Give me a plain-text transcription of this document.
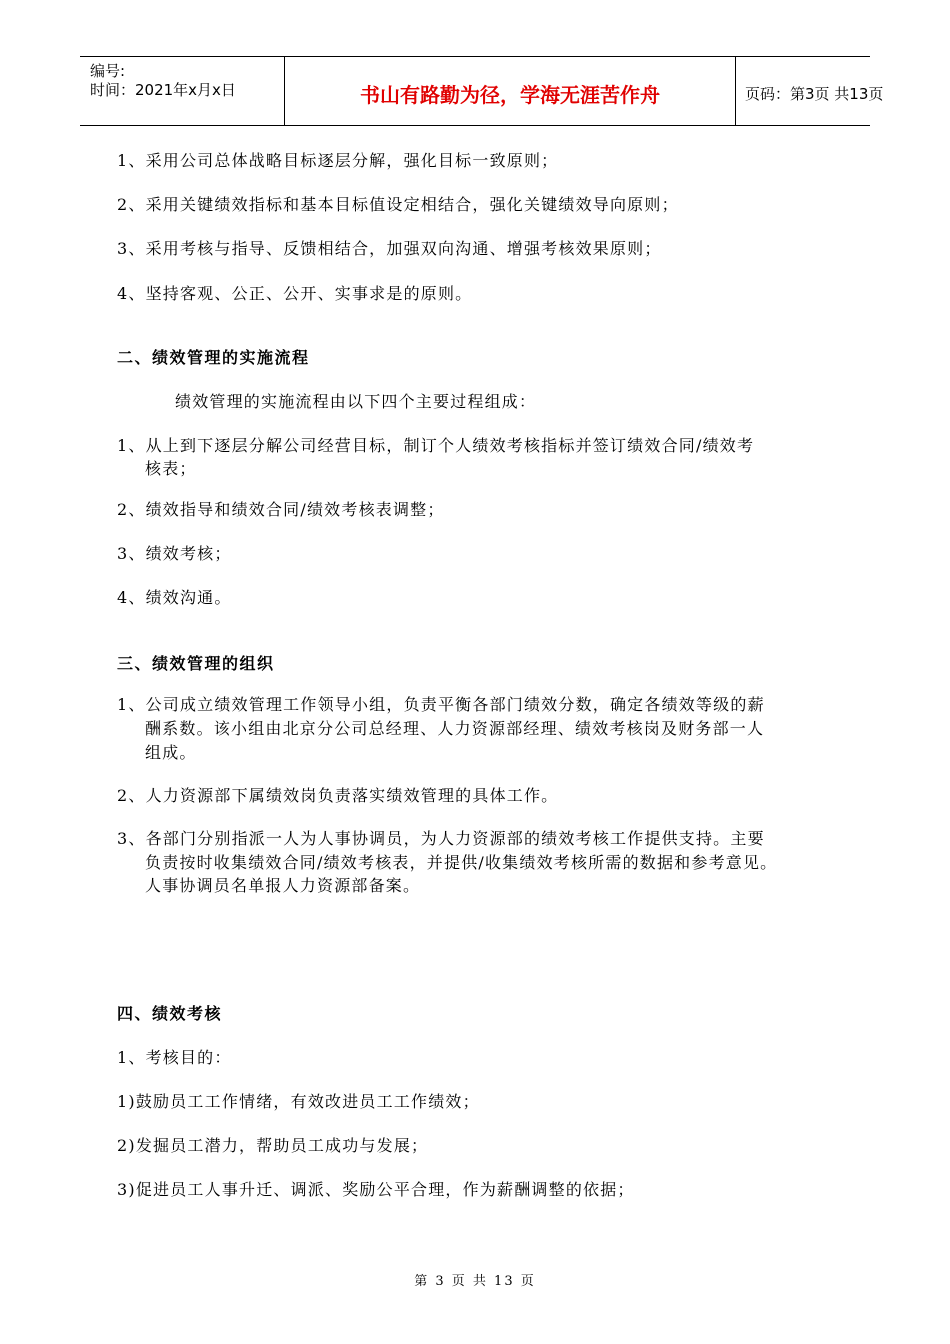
编号:
时间：2021年x月x日	书山有路勤为径，学海无涯苦作舟	页码：第3页 共13页
1、采用公司总体战略目标逐层分解，强化目标一致原则；
2、采用关键绩效指标和基本目标值设定相结合，强化关键绩效导向原则；
3、采用考核与指导、反馈相结合，加强双向沟通、增强考核效果原则；
4、坚持客观、公正、公开、实事求是的原则。
二、绩效管理的实施流程
绩效管理的实施流程由以下四个主要过程组成：
1、从上到下逐层分解公司经营目标，制订个人绩效考核指标并签订绩效合同/绩效考
核表；
2、绩效指导和绩效合同/绩效考核表调整；
3、绩效考核；
4、绩效沟通。
三、绩效管理的组织
1、公司成立绩效管理工作领导小组，负责平衡各部门绩效分数，确定各绩效等级的薪
酬系数。该小组由北京分公司总经理、人力资源部经理、绩效考核岗及财务部一人
组成。
2、人力资源部下属绩效岗负责落实绩效管理的具体工作。
3、各部门分别指派一人为人事协调员，为人力资源部的绩效考核工作提供支持。主要
负责按时收集绩效合同/绩效考核表，并提供/收集绩效考核所需的数据和参考意见。
人事协调员名单报人力资源部备案。
四、绩效考核
1、考核目的：
1)鼓励员工工作情绪，有效改进员工工作绩效；
2)发掘员工潜力，帮助员工成功与发展；
3)促进员工人事升迁、调派、奖励公平合理，作为薪酬调整的依据；
第 3 页 共 13 页
